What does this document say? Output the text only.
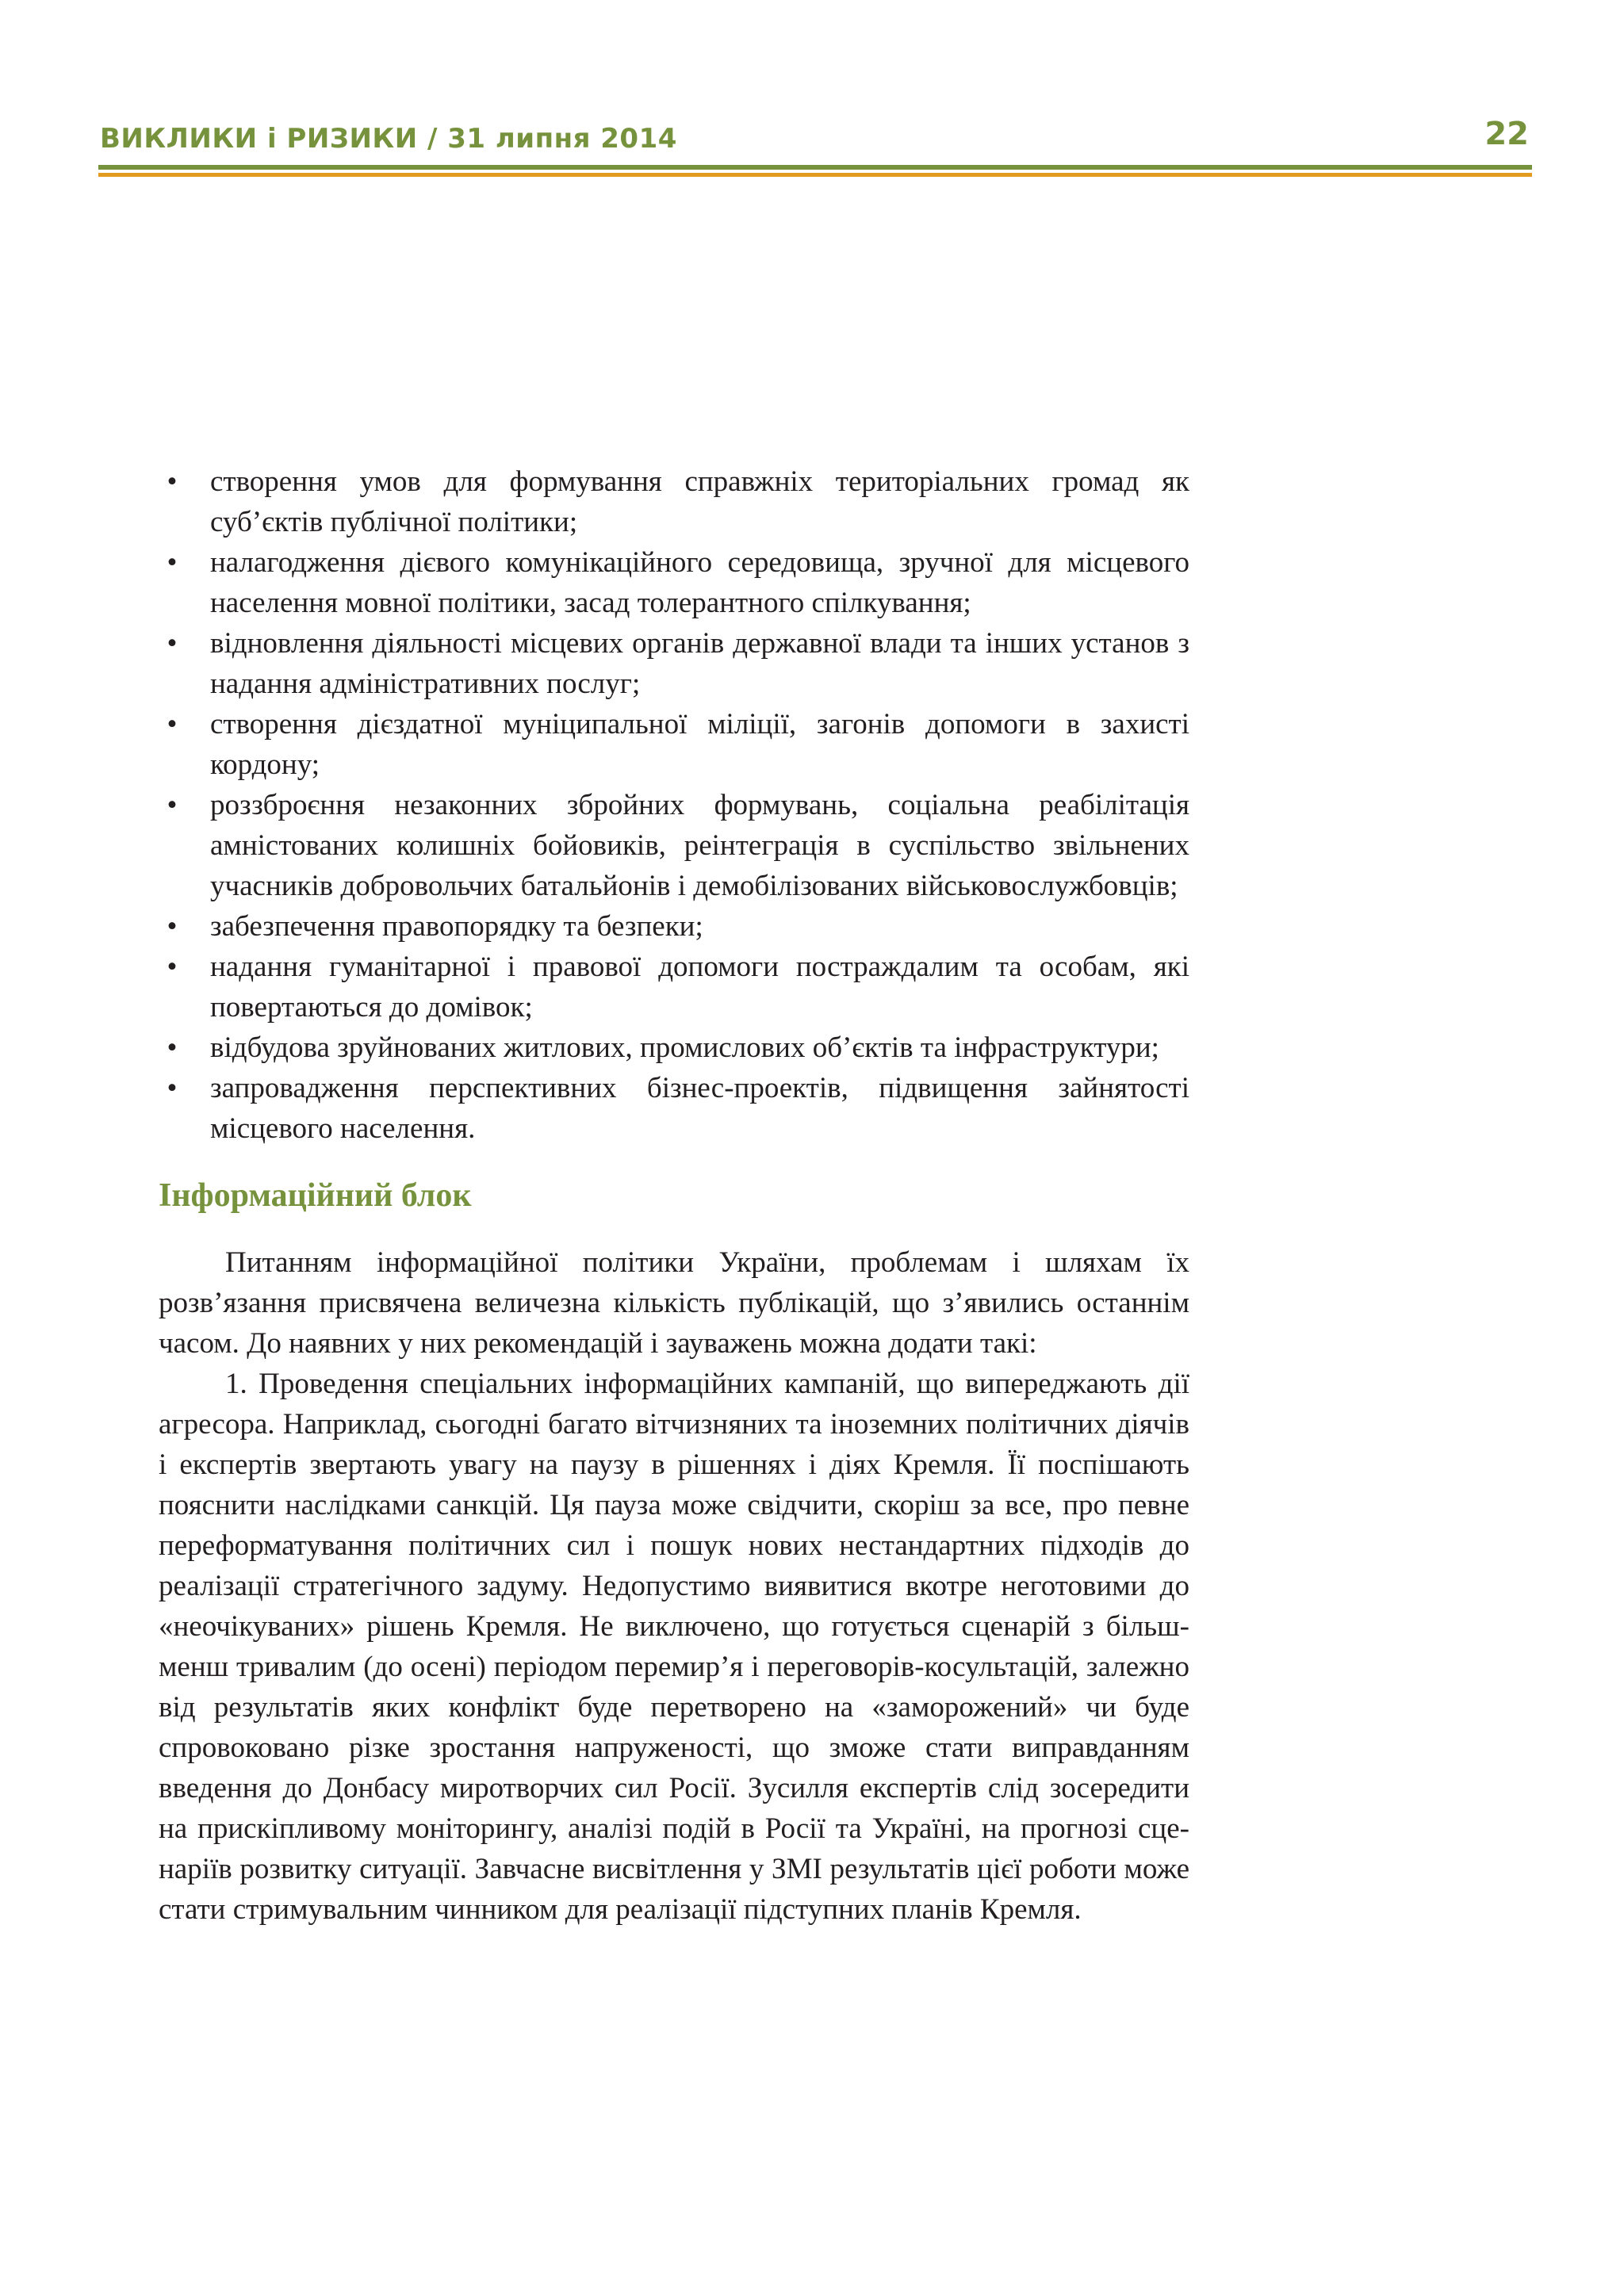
ВИКЛИКИ і РИЗИКИ / 31 липня 2014	22
• створення умов для формування справжніх територіальних громад як суб’єктів публічної політики;
• налагодження дієвого комунікаційного середовища, зручної для місцевого населення мовної політики, засад толерантного спілкування;
• відновлення діяльності місцевих органів державної влади та інших установ з надання адміністративних послуг;
• створення дієздатної муніципальної міліції, загонів допомоги в захисті кордону;
• роззброєння незаконних збройних формувань, соціальна реабілітація амністованих колишніх бойовиків, реінтеграція в суспільство звільнених учасників добровольчих батальйонів і демобілізованих військовослужбовців;
• забезпечення правопорядку та безпеки;
• надання гуманітарної і правової допомоги постраждалим та особам, які повертаються до домівок;
• відбудова зруйнованих житлових, промислових об’єктів та інфраструктури;
• запровадження перспективних бізнес-проектів, підвищення зайнятості місцевого населення.
Інформаційний блок

Питанням інформаційної політики України, проблемам і шляхам їх розв’язання присвячена величезна кількість публікацій, що з’явились останнім часом. До наявних у них рекомендацій і зауважень можна додати такі:

1. Проведення спеціальних інформаційних кампаній, що випереджають дії агресора. Наприклад, сьогодні багато вітчизняних та іноземних політичних діячів і експертів звертають увагу на паузу в рішеннях і діях Кремля. Її поспішають пояснити наслідками санкцій. Ця пауза може свідчити, скоріш за все, про певне переформатування політичних сил і пошук нових нестандартних підходів до реалізації стратегічного задуму. Недопустимо виявитися вкотре неготовими до «неочікуваних» рішень Кремля. Не виключено, що готується сценарій з більш-менш тривалим (до осені) періодом перемир’я і переговорів-косультацій, залежно від результатів яких конфлікт буде перетворено на «заморожений» чи буде спровоковано різке зростання напруженості, що зможе стати виправданням введення до Донбасу миротворчих сил Росії. Зусилля експертів слід зосередити на прискіпливому моніторингу, аналізі подій в Росії та Україні, на прогнозі сценаріїв розвитку ситуації. Завчасне висвітлення у ЗМІ результатів цієї роботи може стати стримувальним чинником для реалізації підступних планів Кремля.
